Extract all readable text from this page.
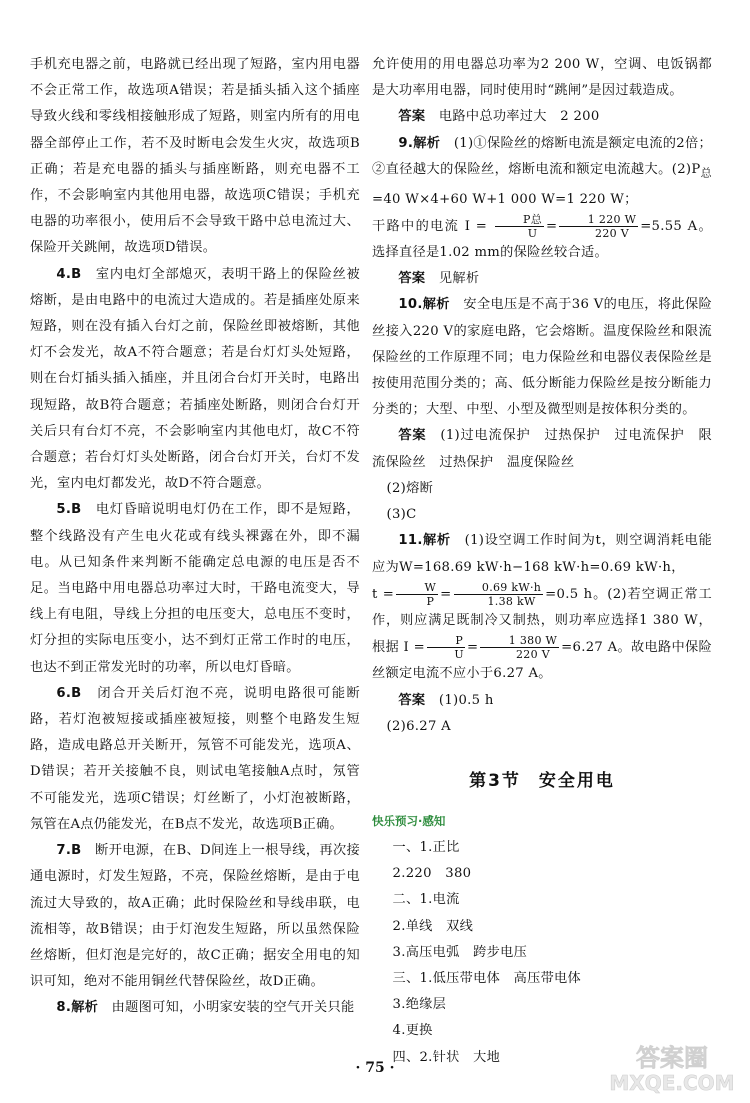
手机充电器之前，电路就已经出现了短路，室内用电器不会正常工作，故选项A错误；若是插头插入这个插座导致火线和零线相接触形成了短路，则室内所有的用电器全部停止工作，若不及时断电会发生火灾，故选项B正确；若是充电器的插头与插座断路，则充电器不工作，不会影响室内其他用电器，故选项C错误；手机充电器的功率很小，使用后不会导致干路中总电流过大、保险开关跳闸，故选项D错误。

4.B　 室内电灯全部熄灭，表明干路上的保险丝被熔断，是由电路中的电流过大造成的。若是插座处原来短路，则在没有插入台灯之前，保险丝即被熔断，其他灯不会发光，故A不符合题意；若是台灯灯头处短路，则在台灯插头插入插座，并且闭合台灯开关时，电路出现短路，故B符合题意；若插座处断路，则闭合台灯开关后只有台灯不亮，不会影响室内其他电灯，故C不符合题意；若台灯灯头处断路，闭合台灯开关，台灯不发光，室内电灯都发光，故D不符合题意。

5.B　 电灯昏暗说明电灯仍在工作，即不是短路，整个线路没有产生电火花或有线头裸露在外，即不漏电。从已知条件来判断不能确定总电源的电压是否不足。当电路中用电器总功率过大时，干路电流变大，导线上有电阻，导线上分担的电压变大，总电压不变时，灯分担的实际电压变小，达不到灯正常工作时的电压，也达不到正常发光时的功率，所以电灯昏暗。

6.B　 闭合开关后灯泡不亮，说明电路很可能断路，若灯泡被短接或插座被短接，则整个电路发生短路，造成电路总开关断开，氖管不可能发光，选项A、D错误；若开关接触不良，则试电笔接触A点时，氖管不可能发光，选项C错误；灯丝断了，小灯泡被断路，氖管在A点仍能发光，在B点不发光，故选项B正确。

7.B　 断开电源，在B、D间连上一根导线，再次接通电源时，灯发生短路，不亮，保险丝熔断，是由于电流过大导致的，故A正确；此时保险丝和导线串联，电流相等，故B错误；由于灯泡发生短路，所以虽然保险丝熔断，但灯泡是完好的，故C正确；据安全用电的知识可知，绝对不能用铜丝代替保险丝，故D正确。

8.解析　 由题图可知，小明家安装的空气开关只能

允许使用的用电器总功率为2 200 W，空调、电饭锅都是大功率用电器，同时使用时“跳闸”是因过载造成。

答案　 电路中总功率过大　2 200

9.解析　 (1)①保险丝的熔断电流是额定电流的2倍；②直径越大的保险丝，熔断电流和额定电流越大。$(2)P_总=40$ W×4+60 W+1 000 W=1 220 W；
干路中的电流 $I = \frac{\text{P总}}{U} = \frac{1 220 W}{220 V} =5.55$ A。选择直径是1.02 mm的保险丝较合适。

答案　 见解析

10.解析　 安全电压是不高于36 V的电压，将此保险丝接入220 V的家庭电路，它会熔断。温度保险丝和限流保险丝的工作原理不同；电力保险丝和电器仪表保险丝是按使用范围分类的；高、低分断能力保险丝是按分断能力分类的；大型、中型、小型及微型则是按体积分类的。

答案　 (1)过电流保护　过热保护　过电流保护　限流保险丝　过热保护　温度保险丝

(2)熔断

(3)C

11.解析　 (1)设空调工作时间为t，则空调消耗电能应为W=168.69 kW·h−168 kW·h=0.69 kW·h，
$t = \frac{W}{P} = \frac{0.69 kW\cdot h}{1.38 kW} =0.5$ h。(2)若空调正常工作，则应满足既制冷又制热，则功率应选择1 380 W，根据 $I = \frac{P}{U} = \frac{1 380 W}{220 V} =6.27$ A。故电路中保险丝额定电流不应小于6.27 A。

答案　 (1)0.5 h

(2)6.27 A

第3节 安全用电
快乐预习·感知

一、1.正比

2.220　380

二、1.电流

2.单线　双线

3.高压电弧　跨步电压

三、1.低压带电体　高压带电体

3.绝缘层

4.更换

四、2.针状　大地

· 75 ·	答案圈
MXQE.COM
